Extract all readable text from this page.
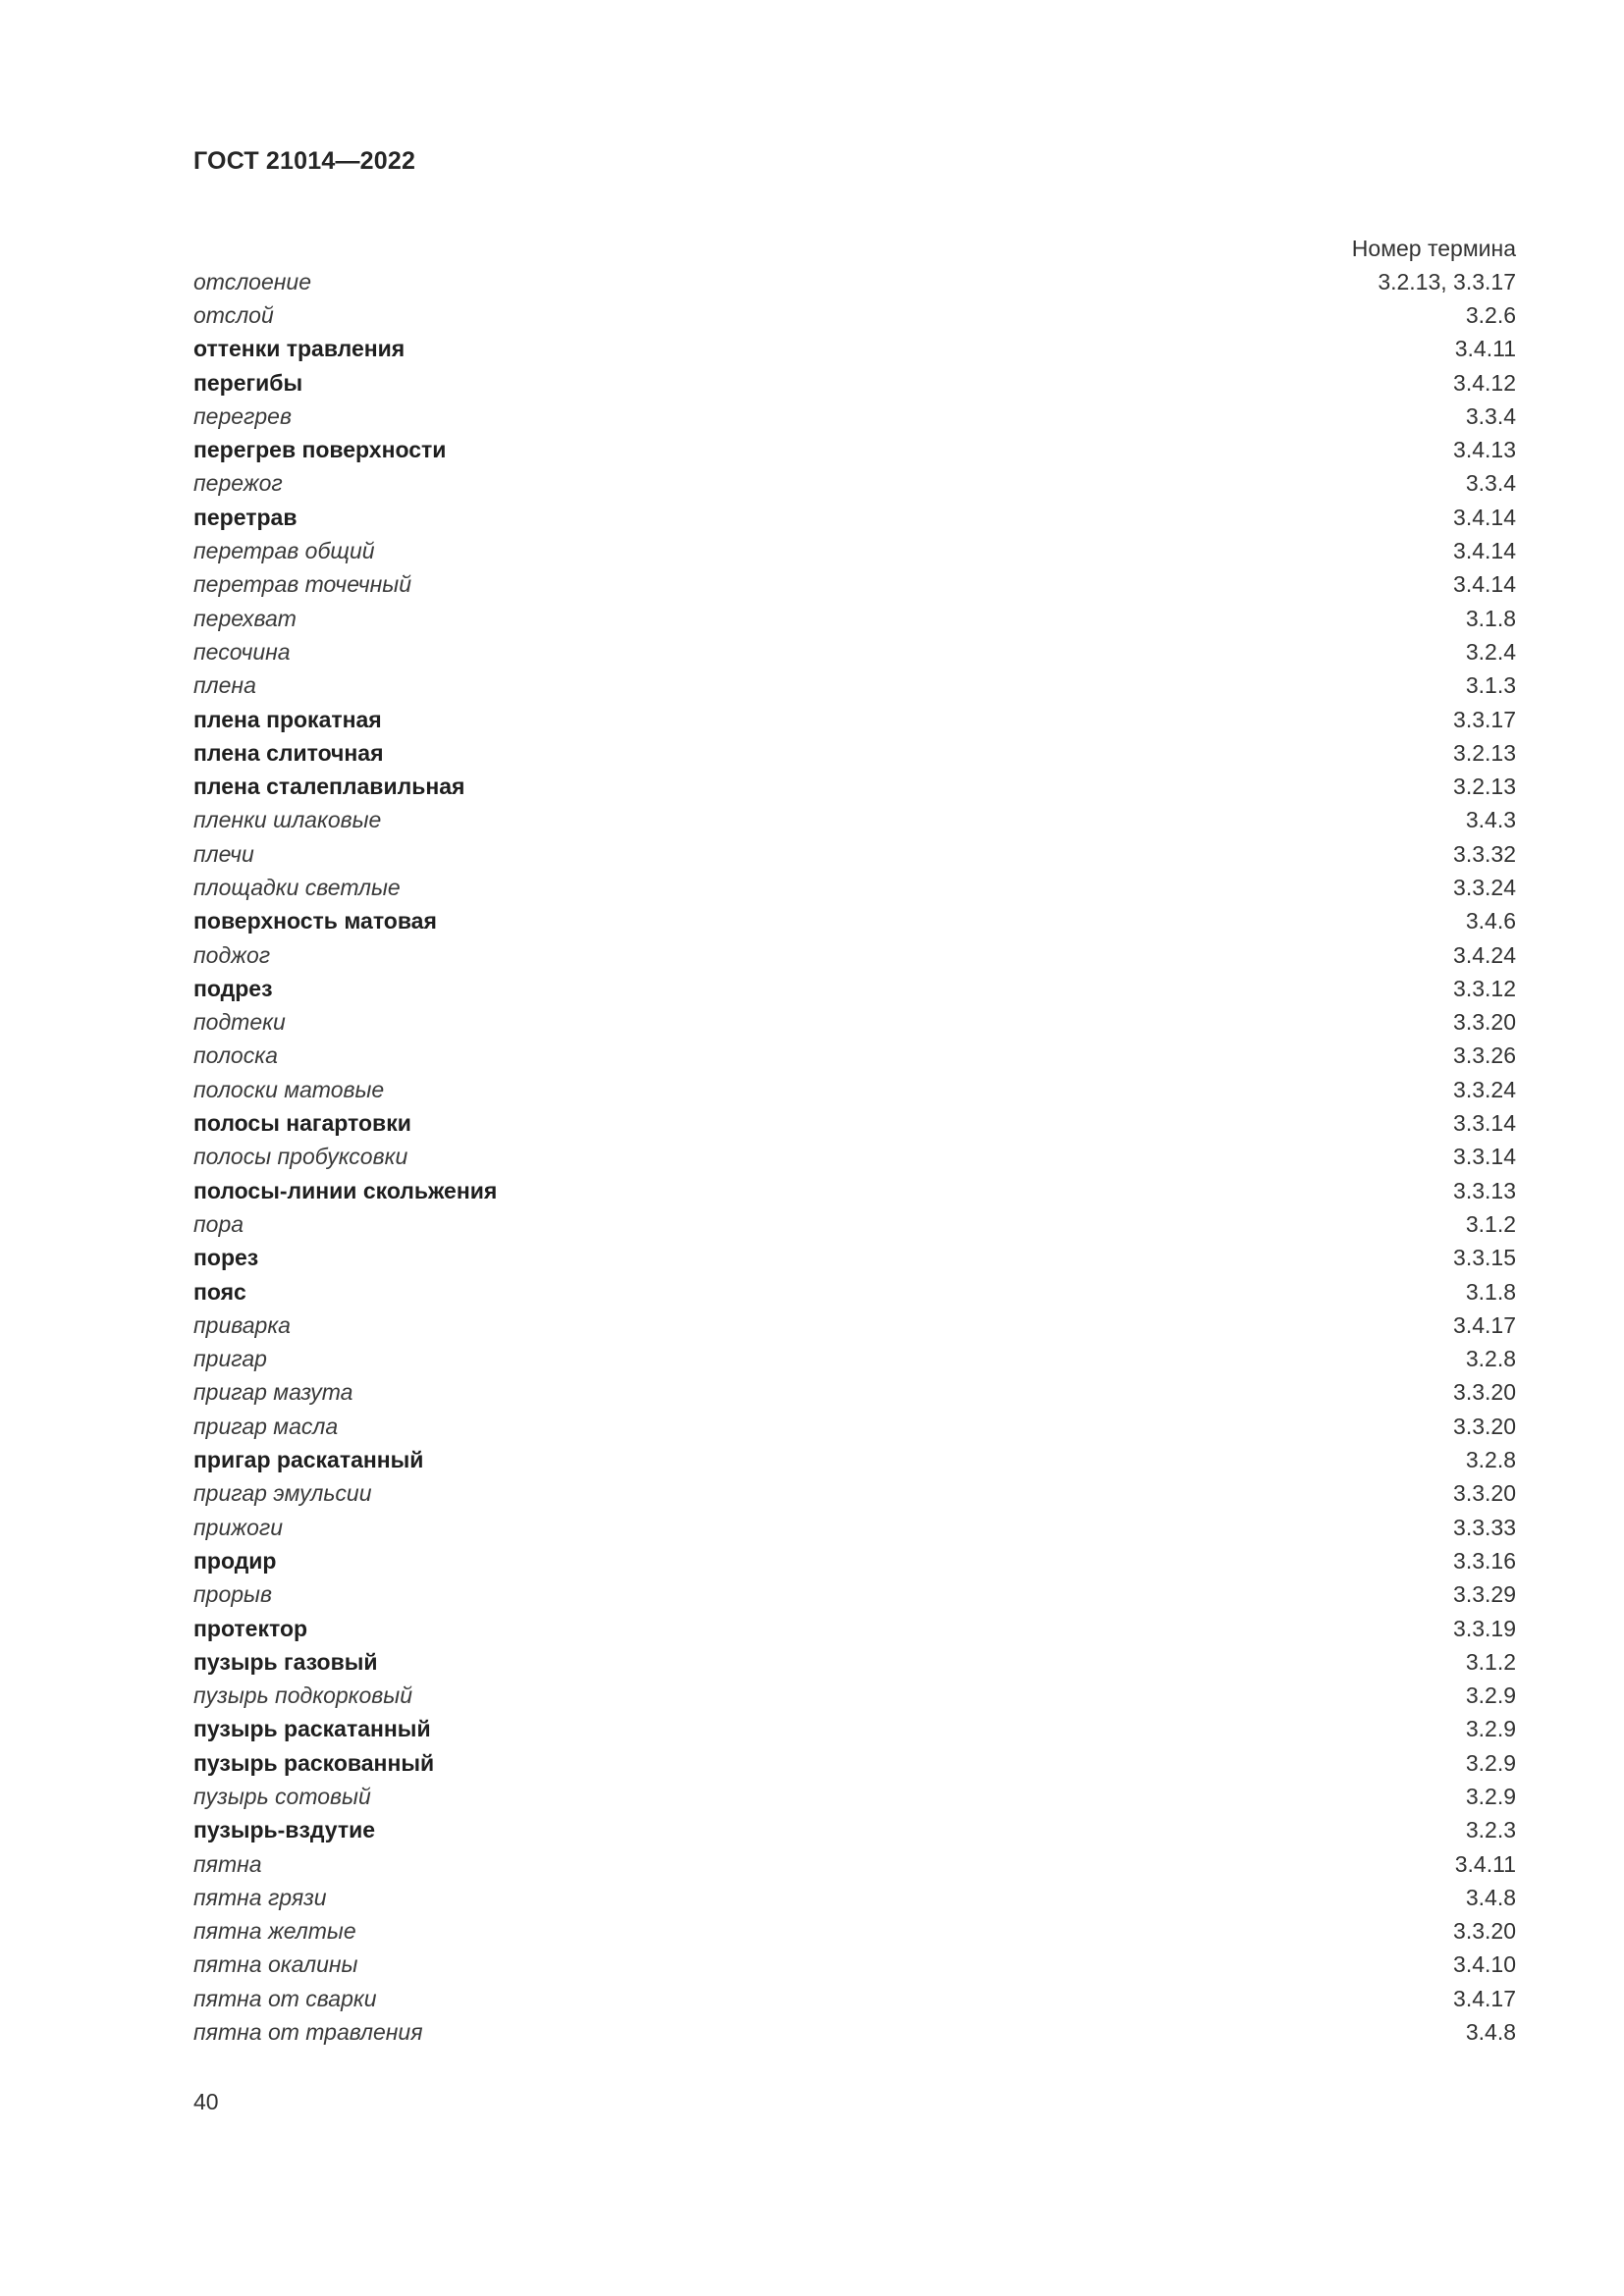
ГОСТ 21014—2022
Номер термина
отслоение	3.2.13, 3.3.17
отслой	3.2.6
оттенки травления	3.4.11
перегибы	3.4.12
перегрев	3.3.4
перегрев поверхности	3.4.13
пережог	3.3.4
перетрав	3.4.14
перетрав общий	3.4.14
перетрав точечный	3.4.14
перехват	3.1.8
песочина	3.2.4
плена	3.1.3
плена прокатная	3.3.17
плена слиточная	3.2.13
плена сталеплавильная	3.2.13
пленки шлаковые	3.4.3
плечи	3.3.32
площадки светлые	3.3.24
поверхность матовая	3.4.6
поджог	3.4.24
подрез	3.3.12
подтеки	3.3.20
полоска	3.3.26
полоски матовые	3.3.24
полосы нагартовки	3.3.14
полосы пробуксовки	3.3.14
полосы-линии скольжения	3.3.13
пора	3.1.2
порез	3.3.15
пояс	3.1.8
приварка	3.4.17
пригар	3.2.8
пригар мазута	3.3.20
пригар масла	3.3.20
пригар раскатанный	3.2.8
пригар эмульсии	3.3.20
прижоги	3.3.33
продир	3.3.16
прорыв	3.3.29
протектор	3.3.19
пузырь газовый	3.1.2
пузырь подкорковый	3.2.9
пузырь раскатанный	3.2.9
пузырь раскованный	3.2.9
пузырь сотовый	3.2.9
пузырь-вздутие	3.2.3
пятна	3.4.11
пятна грязи	3.4.8
пятна желтые	3.3.20
пятна окалины	3.4.10
пятна от сварки	3.4.17
пятна от травления	3.4.8
40
